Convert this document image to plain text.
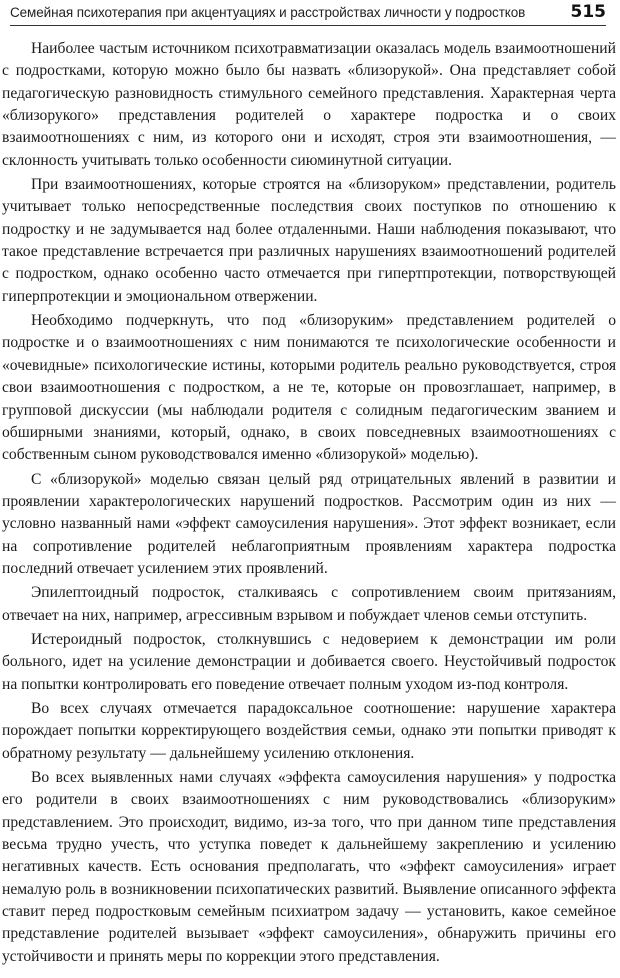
Семейная психотерапия при акцентуациях и расстройствах личности у подростков	515

Наиболее частым источником психотравматизации оказалась модель взаимоотношений с подростками, которую можно было бы назвать «близорукой». Она представляет собой педагогическую разновидность стимульного семейного представления. Характерная черта «близорукого» представления родителей о характере подростка и о своих взаимоотношениях с ним, из которого они и исходят, строя эти взаимоотношения, — склонность учитывать только особенности сиюминутной ситуации.

При взаимоотношениях, которые строятся на «близоруком» представлении, родитель учитывает только непосредственные последствия своих поступков по отношению к подростку и не задумывается над более отдаленными. Наши наблюдения показывают, что такое представление встречается при различных нарушениях взаимоотношений родителей с подростком, однако особенно часто отмечается при гипертпротекции, потворствующей гиперпротекции и эмоциональном отвержении.

Необходимо подчеркнуть, что под «близоруким» представлением родителей о подростке и о взаимоотношениях с ним понимаются те психологические особенности и «очевидные» психологические истины, которыми родитель реально руководствуется, строя свои взаимоотношения с подростком, а не те, которые он провозглашает, например, в групповой дискуссии (мы наблюдали родителя с солидным педагогическим званием и обширными знаниями, который, однако, в своих повседневных взаимоотношениях с собственным сыном руководствовался именно «близорукой» моделью).

С «близорукой» моделью связан целый ряд отрицательных явлений в развитии и проявлении характерологических нарушений подростков. Рассмотрим один из них — условно названный нами «эффект самоусиления нарушения». Этот эффект возникает, если на сопротивление родителей неблагоприятным проявлениям характера подростка последний отвечает усилением этих проявлений.

Эпилептоидный подросток, сталкиваясь с сопротивлением своим притязаниям, отвечает на них, например, агрессивным взрывом и побуждает членов семьи отступить.

Истероидный подросток, столкнувшись с недоверием к демонстрации им роли больного, идет на усиление демонстрации и добивается своего. Неустойчивый подросток на попытки контролировать его поведение отвечает полным уходом из-под контроля.

Во всех случаях отмечается парадоксальное соотношение: нарушение характера порождает попытки корректирующего воздействия семьи, однако эти попытки приводят к обратному результату — дальнейшему усилению отклонения.

Во всех выявленных нами случаях «эффекта самоусиления нарушения» у подростка его родители в своих взаимоотношениях с ним руководствовались «близоруким» представлением. Это происходит, видимо, из-за того, что при данном типе представления весьма трудно учесть, что уступка поведет к дальнейшему закреплению и усилению негативных качеств. Есть основания предполагать, что «эффект самоусиления» играет немалую роль в возникновении психопатических развитий. Выявление описанного эффекта ставит перед подростковым семейным психиатром задачу — установить, какое семейное представление родителей вызывает «эффект самоусиления», обнаружить причины его устойчивости и принять меры по коррекции этого представления.
